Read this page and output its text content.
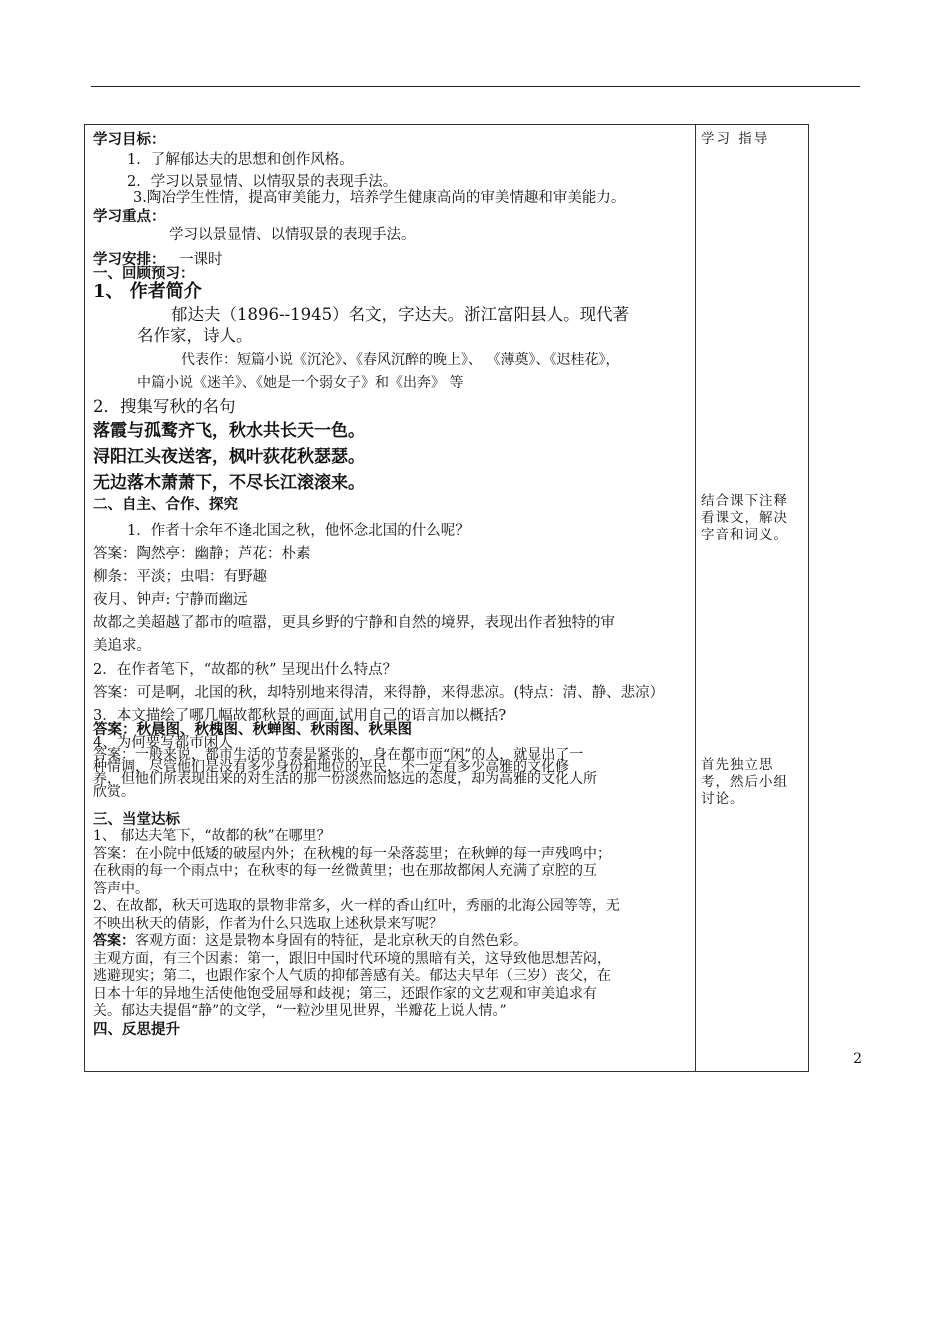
学习目标：
1．了解郁达夫的思想和创作风格。
2．学习以景显情、以情驭景的表现手法。
3.陶冶学生性情，提高审美能力，培养学生健康高尚的审美情趣和审美能力。
学习重点：
学习以景显情、以情驭景的表现手法。
学习安排： 一课时
一、回顾预习：
1、 作者简介
郁达夫（1896--1945）名文，字达夫。浙江富阳县人。现代著
名作家，诗人。
代表作：短篇小说《沉沦》、《春风沉醉的晚上》、 《薄奠》、《迟桂花》，
中篇小说《迷羊》、《她是一个弱女子》和《出奔》 等
2．搜集写秋的名句
落霞与孤鹜齐飞，秋水共长天一色。
浔阳江头夜送客，枫叶荻花秋瑟瑟。
无边落木萧萧下，不尽长江滚滚来。
二、自主、合作、探究
1．作者十余年不逢北国之秋，他怀念北国的什么呢？
答案：陶然亭：幽静；芦花：朴素
柳条：平淡；虫唱：有野趣
夜月、钟声: 宁静而幽远
故都之美超越了都市的喧嚣，更具乡野的宁静和自然的境界，表现出作者独特的审
美追求。
2．在作者笔下，“故都的秋” 呈现出什么特点？
答案：可是啊，北国的秋，却特别地来得清，来得静，来得悲凉。(特点：清、静、悲凉）
3．本文描绘了哪几幅故都秋景的画面,试用自己的语言加以概括?
答案：秋晨图、秋槐图、秋蝉图、秋雨图、秋果图
4、为何要写都市闲人
答案：一般来说，都市生活的节奏是紧张的，身在都市而“闲”的人，就显出了一
种情调，尽管他们是没有多少身份和地位的平民，不一定有多少高雅的文化修
养，但他们所表现出来的对生活的那一份淡然而悠远的态度，却为高雅的文化人所
欣赏。
三、当堂达标
1、 郁达夫笔下，“故都的秋”在哪里？
答案：在小院中低矮的破屋内外；在秋槐的每一朵落蕊里；在秋蝉的每一声残鸣中；
在秋雨的每一个雨点中；在秋枣的每一丝微黄里；也在那故都闲人充满了京腔的互
答声中。
2、在故都，秋天可选取的景物非常多，火一样的香山红叶，秀丽的北海公园等等，无
不映出秋天的倩影，作者为什么只选取上述秋景来写呢？
答案：客观方面：这是景物本身固有的特征，是北京秋天的自然色彩。
主观方面，有三个因素：第一，跟旧中国时代环境的黑暗有关，这导致他思想苦闷，
逃避现实；第二，也跟作家个人气质的抑郁善感有关。郁达夫早年（三岁）丧父，在
日本十年的异地生活使他饱受屈辱和歧视；第三，还跟作家的文艺观和审美追求有
关。郁达夫提倡“静”的文学，“一粒沙里见世界，半瓣花上说人情。”
四、反思提升
学习 指导
结合课下注释看课文，解决字音和词义。
首先独立思考，然后小组讨论。
2
